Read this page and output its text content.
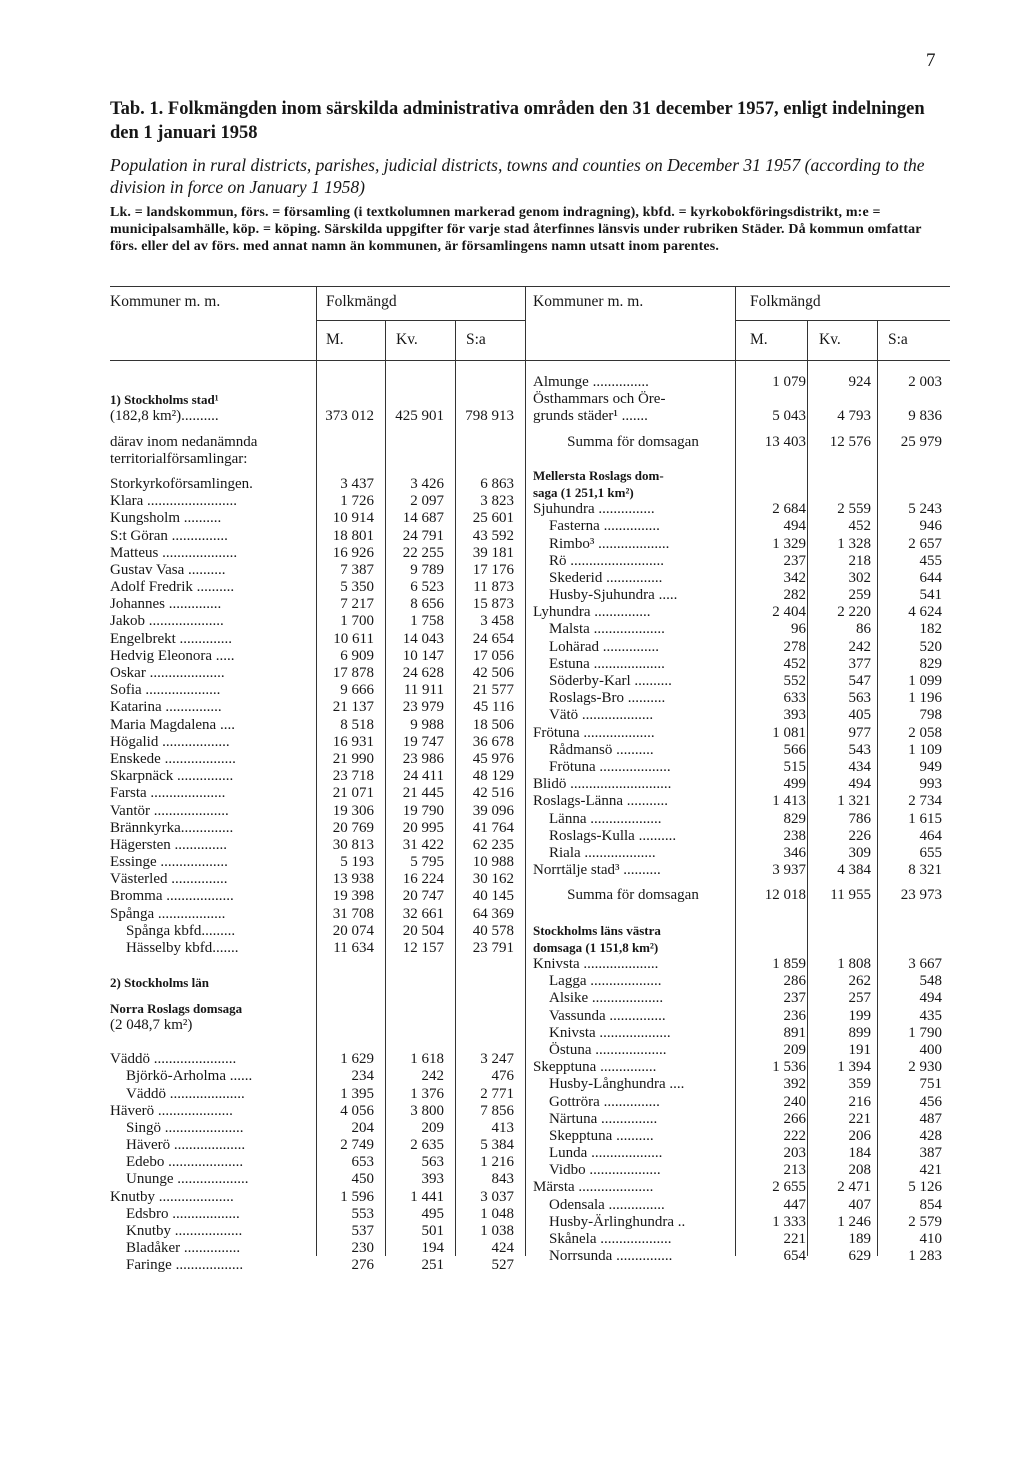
7
Tab. 1. Folkmängden inom särskilda administrativa områden den 31 december 1957, enligt indelningen den 1 januari 1958
Population in rural districts, parishes, judicial districts, towns and counties on December 31 1957 (according to the division in force on January 1 1958)
Lk. = landskommun, förs. = församling (i textkolumnen markerad genom indragning), kbfd. = kyrkobokföringsdistrikt, m:e = municipalsamhälle, köp. = köping. Särskilda uppgifter för varje stad återfinnes länsvis under rubriken Städer. Då kommun omfattar förs. eller del av förs. med annat namn än kommunen, är församlingens namn utsatt inom parentes.
Kommuner m. m.	Folkmängd	Kommuner m. m.	Folkmängd
M.	Kv.	S:a	M.	Kv.	S:a
1) Stockholms stad¹
(182,8 km²)..........	373 012	425 901	798 913
därav inom nedanämnda
territorialförsamlingar:
Storkyrkoförsamlingen.	3 437	3 426	6 863
Klara ........................	1 726	2 097	3 823
Kungsholm ..........	10 914	14 687	25 601
S:t Göran ...............	18 801	24 791	43 592
Matteus ....................	16 926	22 255	39 181
Gustav Vasa ..........	7 387	9 789	17 176
Adolf Fredrik ..........	5 350	6 523	11 873
Johannes ..............	7 217	8 656	15 873
Jakob ....................	1 700	1 758	3 458
Engelbrekt ..............	10 611	14 043	24 654
Hedvig Eleonora .....	6 909	10 147	17 056
Oskar ....................	17 878	24 628	42 506
Sofia ....................	9 666	11 911	21 577
Katarina ...............	21 137	23 979	45 116
Maria Magdalena ....	8 518	9 988	18 506
Högalid ..................	16 931	19 747	36 678
Enskede ...................	21 990	23 986	45 976
Skarpnäck ...............	23 718	24 411	48 129
Farsta ....................	21 071	21 445	42 516
Vantör ....................	19 306	19 790	39 096
Brännkyrka..............	20 769	20 995	41 764
Hägersten ..............	30 813	31 422	62 235
Essinge ..................	5 193	5 795	10 988
Västerled ...............	13 938	16 224	30 162
Bromma ..................	19 398	20 747	40 145
Spånga ..................	31 708	32 661	64 369
Spånga kbfd.........	20 074	20 504	40 578
Hässelby kbfd.......	11 634	12 157	23 791
2) Stockholms län
Norra Roslags domsaga
(2 048,7 km²)
Väddö ......................	1 629	1 618	3 247
Björkö-Arholma ......	234	242	476
Väddö ....................	1 395	1 376	2 771
Häverö ....................	4 056	3 800	7 856
Singö .....................	204	209	413
Häverö ...................	2 749	2 635	5 384
Edebo ....................	653	563	1 216
Ununge ...................	450	393	843
Knutby ....................	1 596	1 441	3 037
Edsbro ..................	553	495	1 048
Knutby ..................	537	501	1 038
Bladåker ...............	230	194	424
Faringe ..................	276	251	527
Almunge ...............	1 079	924	2 003
Östhammars och Öre-
grunds städer¹ .......	5 043	4 793	9 836
Summa för domsagan	13 403	12 576	25 979
Mellersta Roslags dom-
saga (1 251,1 km²)
Sjuhundra ...............	2 684	2 559	5 243
Fasterna ...............	494	452	946
Rimbo³ ...................	1 329	1 328	2 657
Rö .........................	237	218	455
Skederid ...............	342	302	644
Husby-Sjuhundra .....	282	259	541
Lyhundra ...............	2 404	2 220	4 624
Malsta ...................	96	86	182
Lohärad ...............	278	242	520
Estuna ...................	452	377	829
Söderby-Karl ..........	552	547	1 099
Roslags-Bro ..........	633	563	1 196
Vätö ...................	393	405	798
Frötuna ...................	1 081	977	2 058
Rådmansö ..........	566	543	1 109
Frötuna ...................	515	434	949
Blidö ...........................	499	494	993
Roslags-Länna ...........	1 413	1 321	2 734
Länna ...................	829	786	1 615
Roslags-Kulla ..........	238	226	464
Riala ...................	346	309	655
Norrtälje stad³ ..........	3 937	4 384	8 321
Summa för domsagan	12 018	11 955	23 973
Stockholms läns västra
domsaga (1 151,8 km²)
Knivsta ....................	1 859	1 808	3 667
Lagga ...................	286	262	548
Alsike ...................	237	257	494
Vassunda ...............	236	199	435
Knivsta ...................	891	899	1 790
Östuna ...................	209	191	400
Skepptuna ...............	1 536	1 394	2 930
Husby-Långhundra ....	392	359	751
Gottröra ...............	240	216	456
Närtuna ...............	266	221	487
Skepptuna ..........	222	206	428
Lunda ...................	203	184	387
Vidbo ...................	213	208	421
Märsta ....................	2 655	2 471	5 126
Odensala ...............	447	407	854
Husby-Ärlinghundra ..	1 333	1 246	2 579
Skånela ...................	221	189	410
Norrsunda ...............	654	629	1 283
